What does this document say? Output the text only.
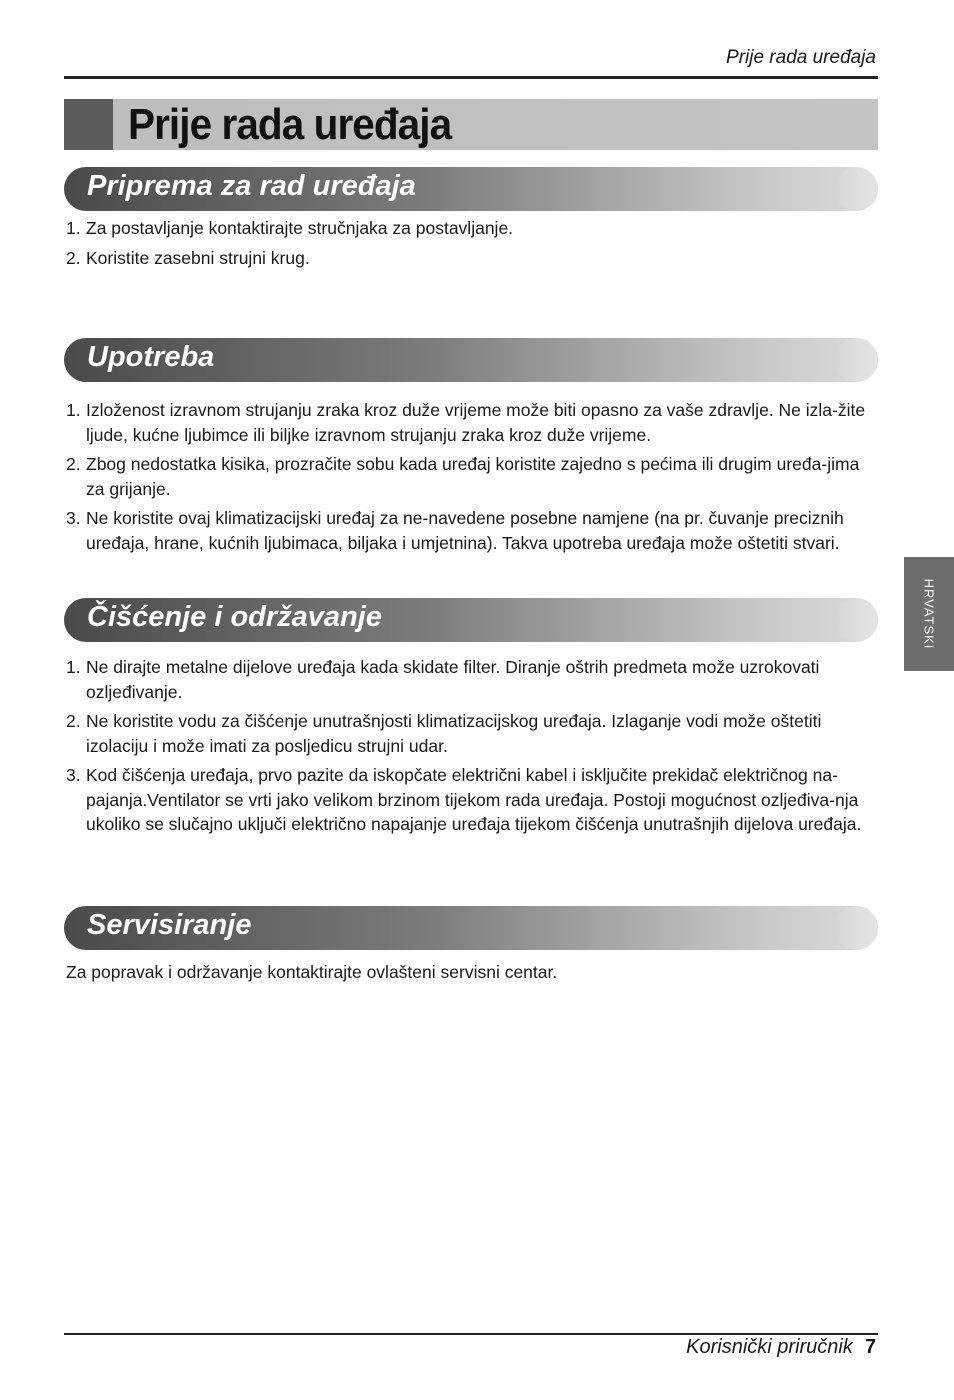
Prije rada uređaja
Prije rada uređaja
Priprema za rad uređaja
1. Za postavljanje kontaktirajte stručnjaka za postavljanje.
2. Koristite zasebni strujni krug.
Upotreba
1. Izloženost izravnom strujanju zraka kroz duže vrijeme može biti opasno za vaše zdravlje. Ne izla-žite ljude, kućne ljubimce ili biljke izravnom strujanju zraka kroz duže vrijeme.
2. Zbog nedostatka kisika, prozračite sobu kada uređaj koristite zajedno s pećima ili drugim uređa-jima za grijanje.
3. Ne koristite ovaj klimatizacijski uređaj za ne-navedene posebne namjene (na pr. čuvanje preciznih uređaja, hrane, kućnih ljubimaca, biljaka i umjetnina). Takva upotreba uređaja može oštetiti stvari.
Čišćenje i održavanje
1. Ne dirajte metalne dijelove uređaja kada skidate filter. Diranje oštrih predmeta može uzrokovati ozljeđivanje.
2. Ne koristite vodu za čišćenje unutrašnjosti klimatizacijskog uređaja. Izlaganje vodi može oštetiti izolaciju i može imati za posljedicu strujni udar.
3. Kod čišćenja uređaja, prvo pazite da iskopčate električni kabel i isključite prekidač električnog na-pajanja.Ventilator se vrti jako velikom brzinom tijekom rada uređaja. Postoji mogućnost ozljeđiva-nja ukoliko se slučajno uključi električno napajanje uređaja tijekom čišćenja unutrašnjih dijelova uređaja.
Servisiranje
Za popravak i održavanje kontaktirajte ovlašteni servisni centar.
HRVATSKI
Korisnički priručnik 7
